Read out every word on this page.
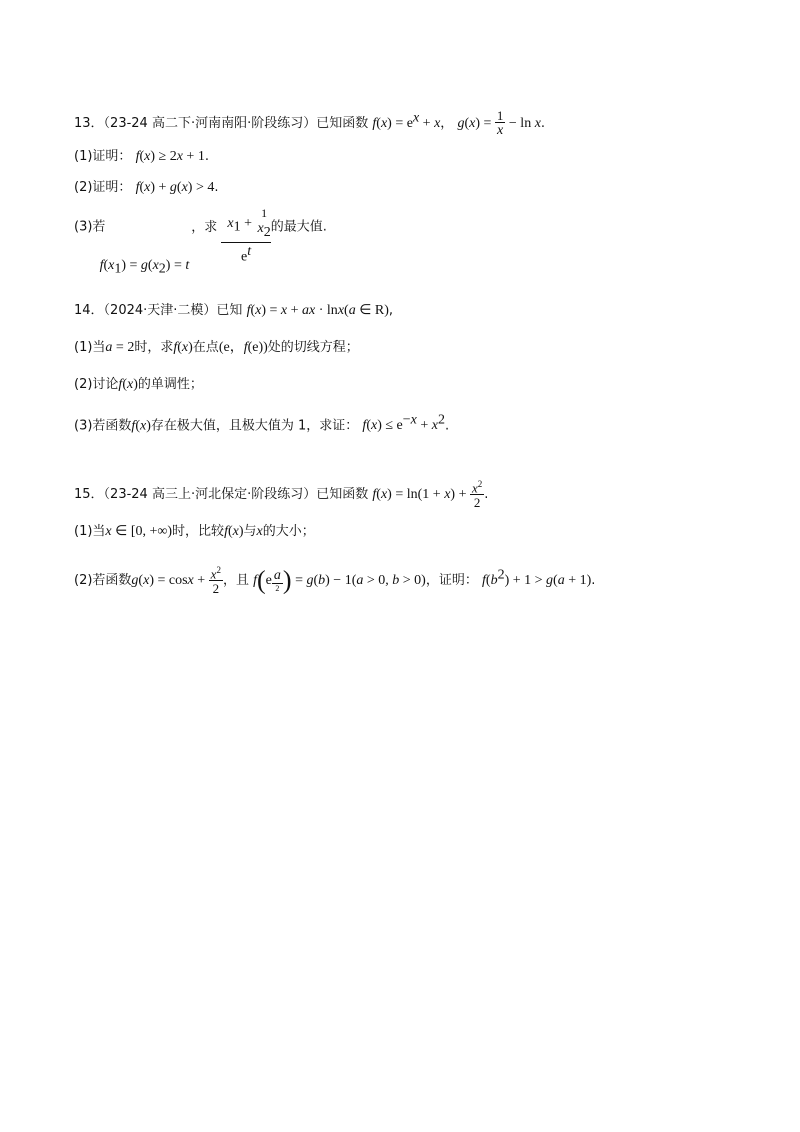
13．（23-24 高二下·河南南阳·阶段练习）已知函数 $f(x) = e^x + x$， $g(x) = \frac{1}{x} - \ln x$.
(1)证明： f(x) ≥ 2x + 1.
(2)证明： f(x) + g(x) > 4.
(3)若 $f(x_1) = g(x_2) = t$，求 $x_1$ +
1
$x_2$
$e^t$ 的最大值.
14．（2024·天津·二模）已知 f(x) = x + ax · lnx(a ∈ R),
(1)当a = 2时，求f(x)在点(e，f(e))处的切线方程；
(2)讨论f(x)的单调性；
(3)若函数f(x)存在极大值，且极大值为 1，求证： $f(x) \le e^{-x} + x^2$.
15．（23-24 高三上·河北保定·阶段练习）已知函数 $f(x) = \ln(1 + x) + \frac{x^2}{2}$ .
(1)当x ∈ [0, +∞)时，比较f(x)与x的大小；
(2)若函数$g(x) = \cos x + \frac{x^2}{2}$ ，且 $f(e \frac{a}{2}$ ) = g(b) − 1(a > 0, b > 0)，证明： $f(b^2) + 1 > g(a + 1)$.
